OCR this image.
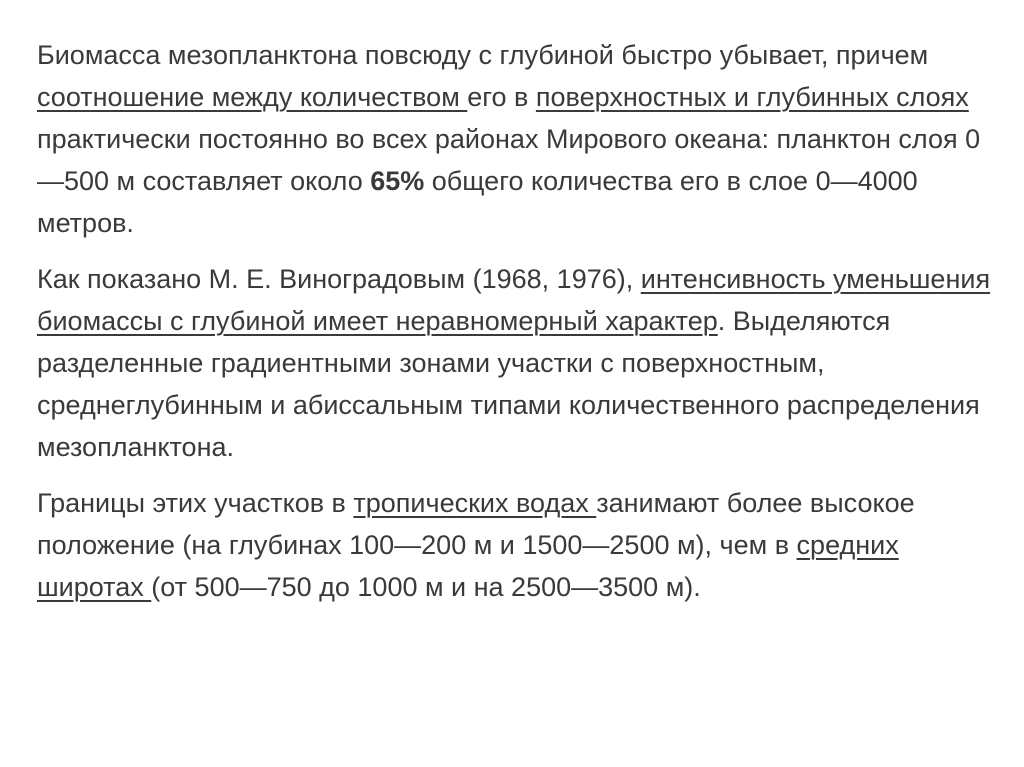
Биомасса мезопланктона повсюду с глубиной быстро убывает, причем соотношение между количеством его в поверхностных и глубинных слоях практически постоянно во всех районах Мирового океана: планктон слоя 0—500 м составляет около 65% общего количества его в слое 0—4000 метров.

Как показано М. Е. Виноградовым (1968, 1976), интенсивность уменьшения биомассы с глубиной имеет неравномерный характер. Выделяются разделенные градиентными зонами участки с поверхностным, среднеглубинным и абиссальным типами количественного распределения мезопланктона.

Границы этих участков в тропических водах занимают более высокое положение (на глубинах 100—200 м и 1500—2500 м), чем в средних широтах (от 500—750 до 1000 м и на 2500—3500 м).
